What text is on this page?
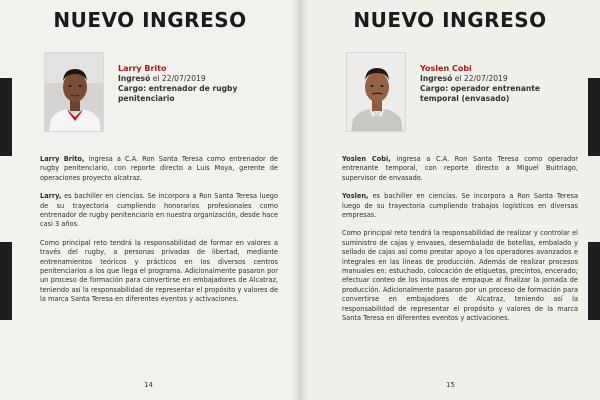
NUEVO INGRESO
Larry Brito
Ingresó el 22/07/2019
Cargo: entrenador de rugby penitenciario

Larry Brito, ingresa a C.A. Ron Santa Teresa como entrenador de rugby penitenciario, con reporte directo a Luis Moya, gerente de operaciones proyecto alcatraz.

Larry, es bachiller en ciencias. Se incorpora a Ron Santa Teresa luego de su trayectoria cumpliendo honorarios profesionales como entrenador de rugby penitenciario en nuestra organización, desde hace casi 3 años.

Como principal reto tendrá la responsabilidad de formar en valores a través del rugby, a personas privadas de libertad, mediante entrenamientos teóricos y prácticos en los diversos centros penitenciarios a los que llega el programa. Adicionalmente pasaron por un proceso de formación para convertirse en embajadores de Alcatraz, teniendo así la responsabilidad de representar el propósito y valores de la marca Santa Teresa en diferentes eventos y activaciones.

14
NUEVO INGRESO
Yoslen Cobi
Ingresó el 22/07/2019
Cargo: operador entrenante temporal (envasado)

Yoslen Cobi, ingresa a C.A. Ron Santa Teresa como operador entrenante temporal, con reporte directo a Miguel Buitriago, supervisor de envasado.

Yoslen, es bachiller en ciencias. Se incorpora a Ron Santa Teresa luego de su trayectoria cumpliendo trabajos logísticos en diversas empresas.

Como principal reto tendrá la responsabilidad de realizar y controlar el suministro de cajas y envases, desembalado de botellas, embalado y sellado de cajas así como prestar apoyo a los operadores avanzados e integrales en las líneas de producción. Además de realizar procesos manuales en: estuchado, colocación de etiquetas, precintos, encerado; efectuar conteo de los insumos de empaque al finalizar la jornada de producción. Adicionalmente pasaron por un proceso de formación para convertirse en embajadores de Alcatraz, teniendo así la responsabilidad de representar el propósito y valores de la marca Santa Teresa en diferentes eventos y activaciones.

15
